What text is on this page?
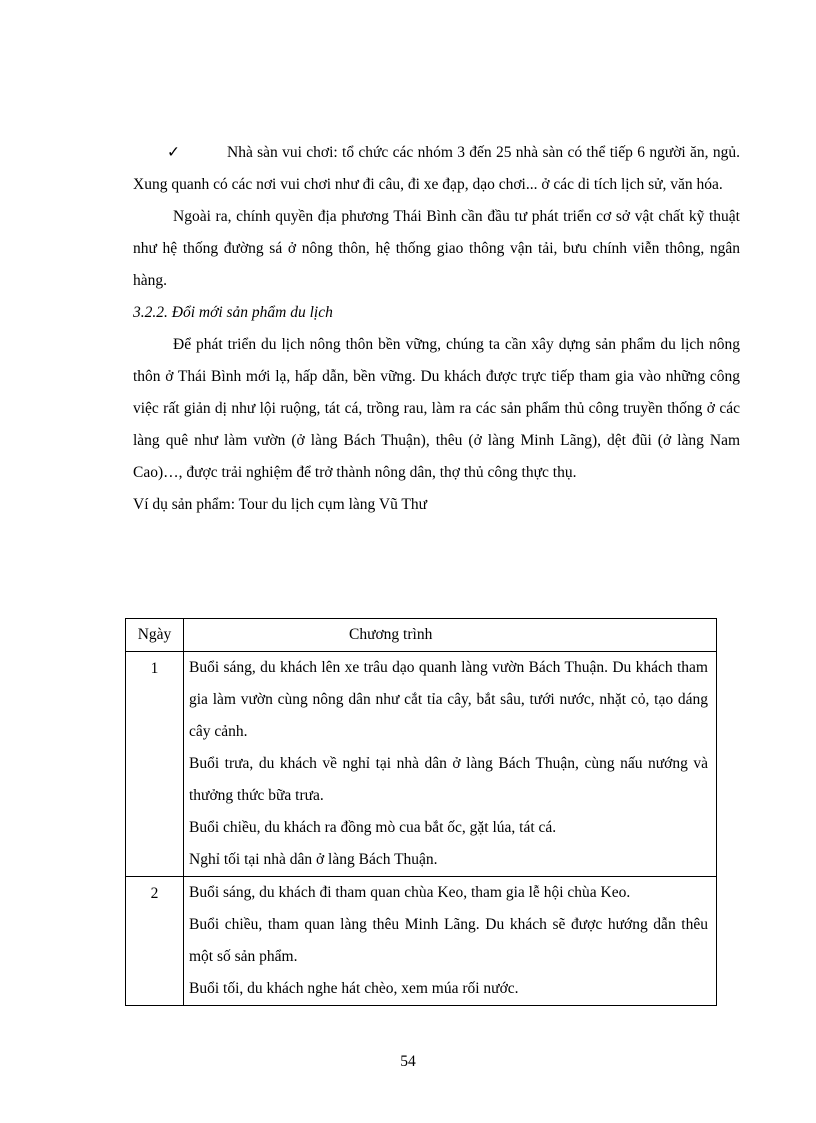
✓	Nhà sàn vui chơi: tổ chức các nhóm 3 đến 25 nhà sàn có thể tiếp 6 người ăn, ngủ. Xung quanh có các nơi vui chơi như đi câu, đi xe đạp, dạo chơi... ở các di tích lịch sử, văn hóa.

Ngoài ra, chính quyền địa phương Thái Bình cần đầu tư phát triển cơ sở vật chất kỹ thuật như hệ thống đường sá ở nông thôn, hệ thống giao thông vận tải, bưu chính viễn thông, ngân hàng.

3.2.2. Đổi mới sản phẩm du lịch

Để phát triển du lịch nông thôn bền vững, chúng ta cần xây dựng sản phẩm du lịch nông thôn ở Thái Bình mới lạ, hấp dẫn, bền vững. Du khách được trực tiếp tham gia vào những công việc rất giản dị như lội ruộng, tát cá, trồng rau, làm ra các sản phẩm thủ công truyền thống ở các làng quê như làm vườn (ở làng Bách Thuận), thêu (ở làng Minh Lãng), dệt đũi (ở làng Nam Cao)…, được trải nghiệm để trở thành nông dân, thợ thủ công thực thụ.

Ví dụ sản phẩm: Tour du lịch cụm làng Vũ Thư

Ngày	Chương trình
1	Buổi sáng, du khách lên xe trâu dạo quanh làng vườn Bách Thuận. Du khách tham gia làm vườn cùng nông dân như cắt tỉa cây, bắt sâu, tưới nước, nhặt cỏ, tạo dáng cây cảnh.

Buổi trưa, du khách về nghỉ tại nhà dân ở làng Bách Thuận, cùng nấu nướng và thưởng thức bữa trưa.

Buổi chiều, du khách ra đồng mò cua bắt ốc, gặt lúa, tát cá.

Nghỉ tối tại nhà dân ở làng Bách Thuận.

2	Buổi sáng, du khách đi tham quan chùa Keo, tham gia lễ hội chùa Keo.

Buổi chiều, tham quan làng thêu Minh Lãng. Du khách sẽ được hướng dẫn thêu một số sản phẩm.

Buổi tối, du khách nghe hát chèo, xem múa rối nước.

54
